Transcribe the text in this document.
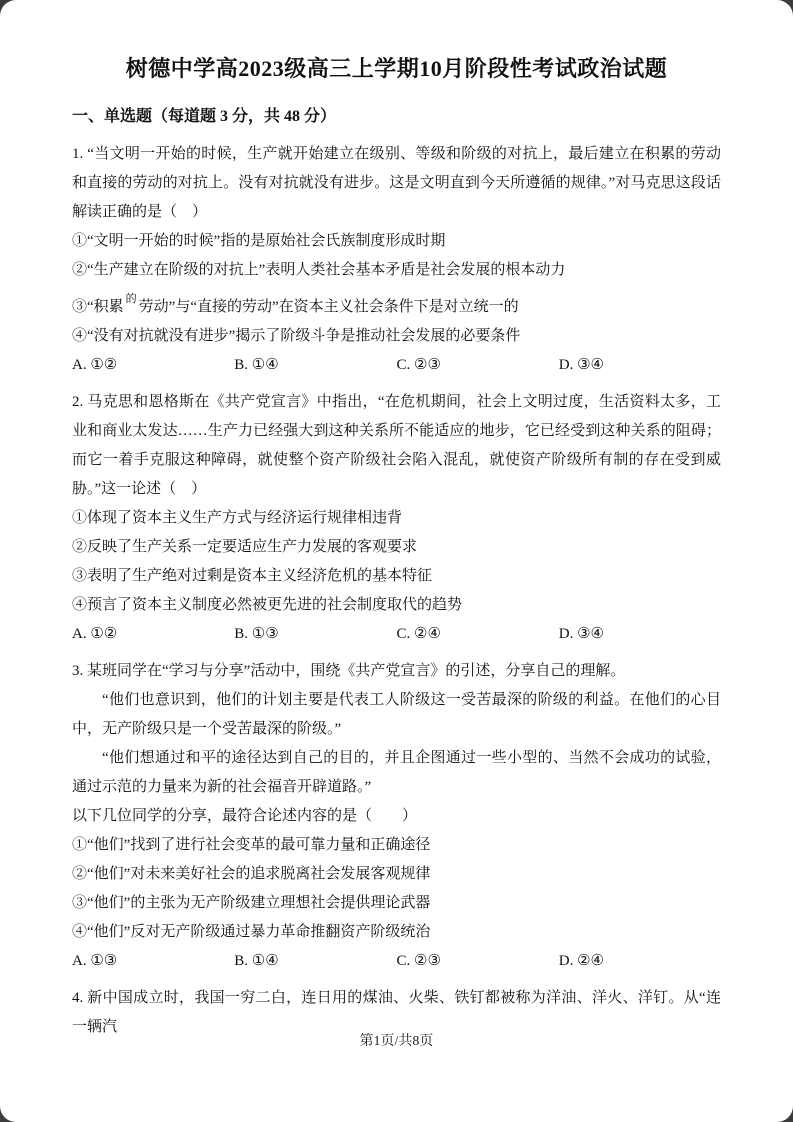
树德中学高2023级高三上学期10月阶段性考试政治试题
一、单选题（每道题 3 分，共 48 分）

1. “当文明一开始的时候，生产就开始建立在级别、等级和阶级的对抗上，最后建立在积累的劳动和直接的劳动的对抗上。没有对抗就没有进步。这是文明直到今天所遵循的规律。”对马克思这段话解读正确的是（　）

①“文明一开始的时候”指的是原始社会氏族制度形成时期

②“生产建立在阶级的对抗上”表明人类社会基本矛盾是社会发展的根本动力

③“积累 $^的$ 劳动”与“直接的劳动”在资本主义社会条件下是对立统一的

④“没有对抗就没有进步”揭示了阶级斗争是推动社会发展的必要条件

A. ①②	B. ①④	C. ②③	D. ③④

2. 马克思和恩格斯在《共产党宣言》中指出，“在危机期间，社会上文明过度，生活资料太多，工业和商业太发达……生产力已经强大到这种关系所不能适应的地步，它已经受到这种关系的阻碍；而它一着手克服这种障碍，就使整个资产阶级社会陷入混乱，就使资产阶级所有制的存在受到威胁。”这一论述（　）

①体现了资本主义生产方式与经济运行规律相违背

②反映了生产关系一定要适应生产力发展的客观要求

③表明了生产绝对过剩是资本主义经济危机的基本特征

④预言了资本主义制度必然被更先进的社会制度取代的趋势

A. ①②	B. ①③	C. ②④	D. ③④

3. 某班同学在“学习与分享”活动中，围绕《共产党宣言》的引述，分享自己的理解。

“他们也意识到，他们的计划主要是代表工人阶级这一受苦最深的阶级的利益。在他们的心目中，无产阶级只是一个受苦最深的阶级。”

“他们想通过和平的途径达到自己的目的，并且企图通过一些小型的、当然不会成功的试验，通过示范的力量来为新的社会福音开辟道路。”

以下几位同学的分享，最符合论述内容的是（　　）

①“他们”找到了进行社会变革的最可靠力量和正确途径

②“他们”对未来美好社会的追求脱离社会发展客观规律

③“他们”的主张为无产阶级建立理想社会提供理论武器

④“他们”反对无产阶级通过暴力革命推翻资产阶级统治

A. ①③	B. ①④	C. ②③	D. ②④

4. 新中国成立时，我国一穷二白，连日用的煤油、火柴、铁钉都被称为洋油、洋火、洋钉。从“连一辆汽

第1页/共8页
